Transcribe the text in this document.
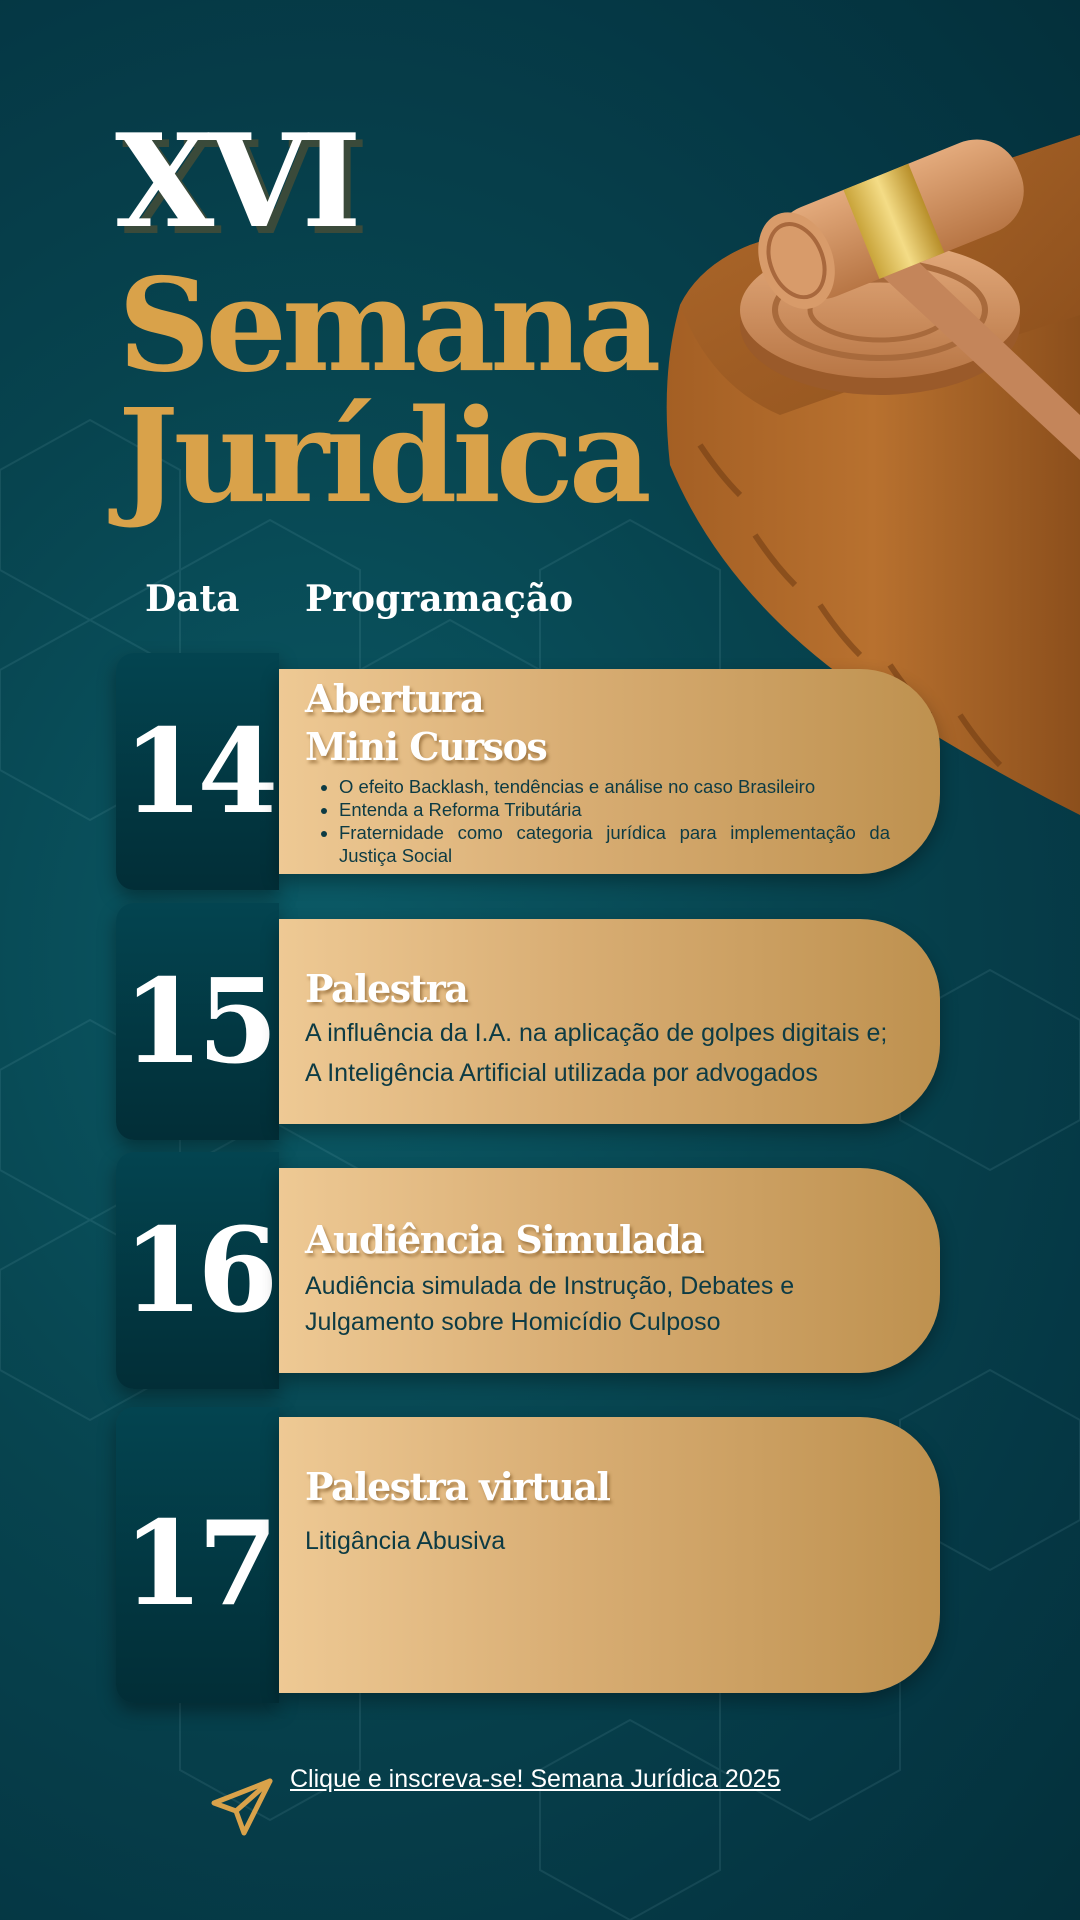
XVI
Semana
Jurídica
Data Programação
14

Abertura

Mini Cursos

• O efeito Backlash, tendências e análise no caso Brasileiro
• Entenda a Reforma Tributária
• Fraternidade como categoria jurídica para implementação da Justiça Social
15 Palestra

A influência da I.A. na aplicação de golpes digitais e;

A Inteligência Artificial utilizada por advogados

16 Audiência Simulada

Audiência simulada de Instrução, Debates e

Julgamento sobre Homicídio Culposo

17

Palestra virtual

Litigância Abusiva

Clique e inscreva-se! Semana Jurídica 2025
